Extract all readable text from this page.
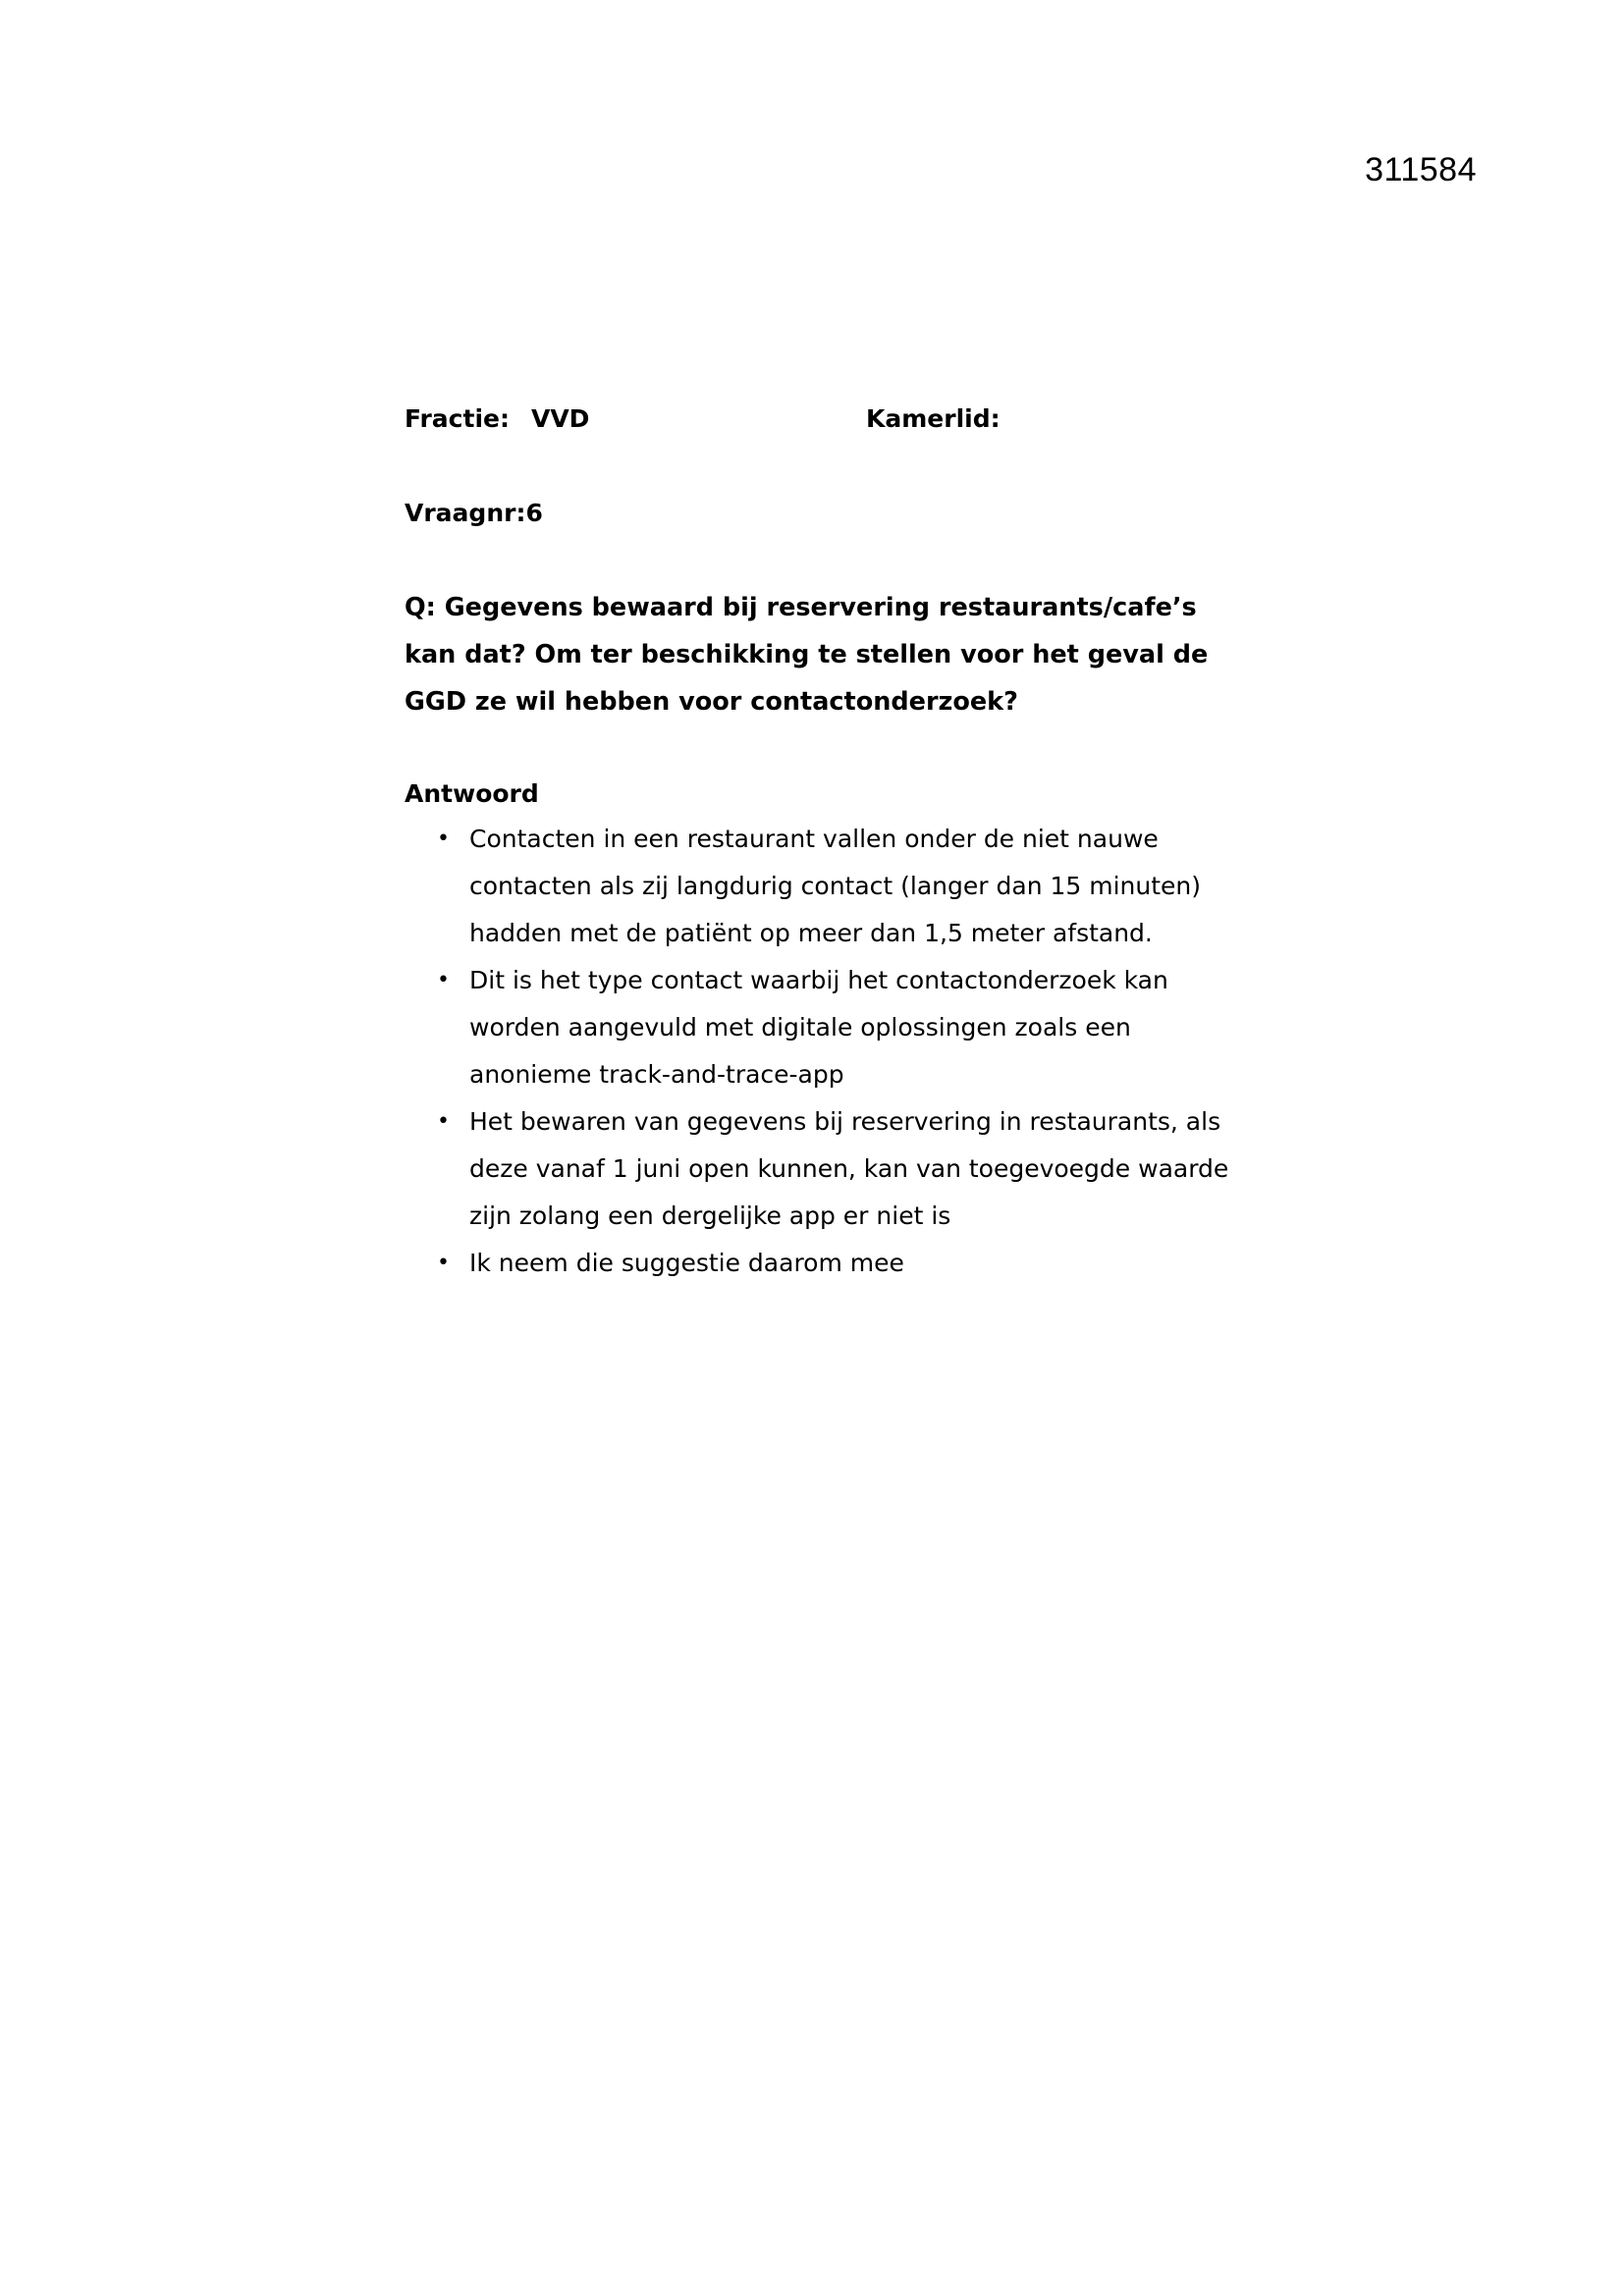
311584
Fractie: VVD	Kamerlid:
Vraagnr:6
Q: Gegevens bewaard bij reservering restaurants/cafe’s kan dat? Om ter beschikking te stellen voor het geval de GGD ze wil hebben voor contactonderzoek?
Antwoord
• Contacten in een restaurant vallen onder de niet nauwe contacten als zij langdurig contact (langer dan 15 minuten) hadden met de patiënt op meer dan 1,5 meter afstand.
• Dit is het type contact waarbij het contactonderzoek kan worden aangevuld met digitale oplossingen zoals een anonieme track-and-trace-app
• Het bewaren van gegevens bij reservering in restaurants, als deze vanaf 1 juni open kunnen, kan van toegevoegde waarde zijn zolang een dergelijke app er niet is
• Ik neem die suggestie daarom mee
